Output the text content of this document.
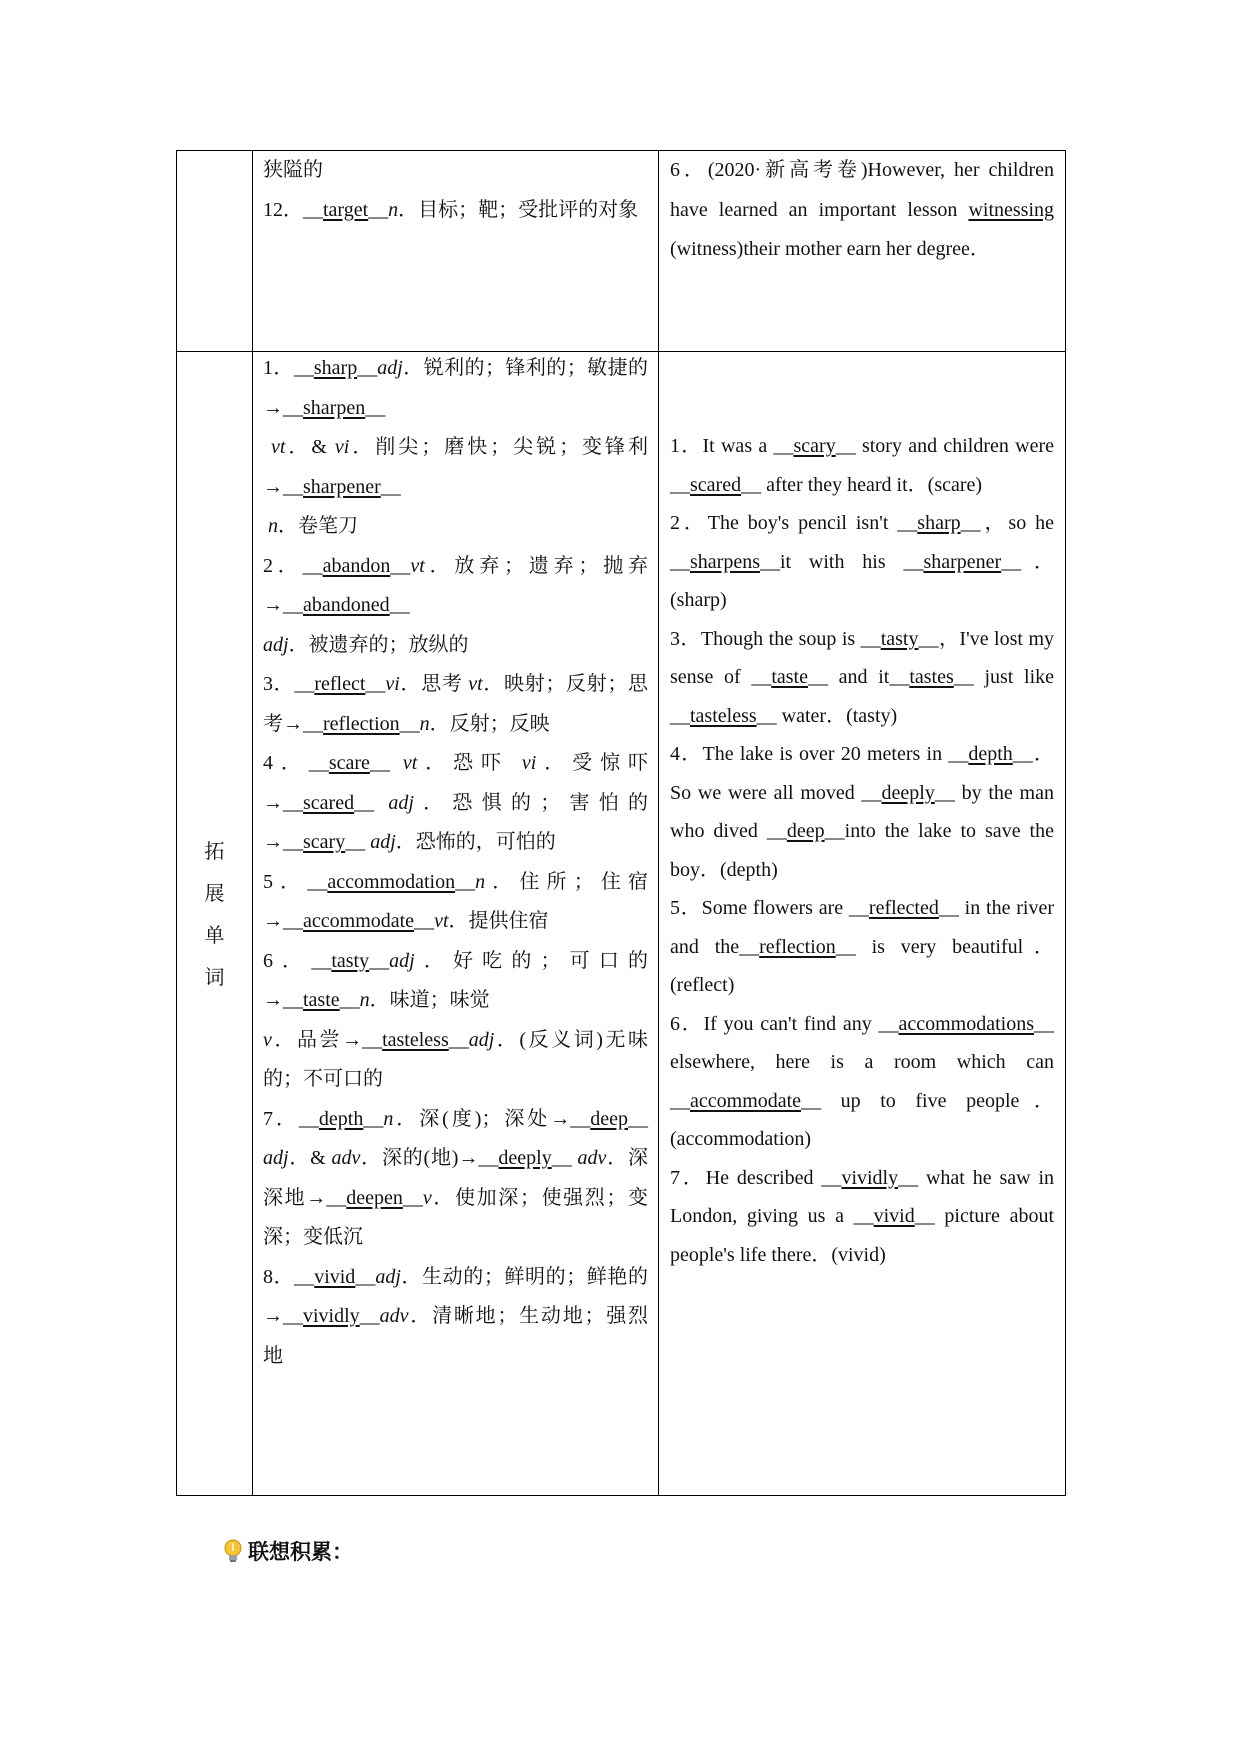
狭隘的

12．__target__n．目标；靶；受批评的对象

6．(2020·新高考卷)However, her children have learned an important lesson witnessing (witness)their mother earn her degree．

拓
展
单
词

1．__sharp__adj．锐利的；锋利的；敏捷的→__sharpen__

vt．& vi．削尖；磨快；尖锐；变锋利→__sharpener__

n．卷笔刀

2．__abandon__vt．放弃；遗弃；抛弃→__abandoned__

adj．被遗弃的；放纵的

3．__reflect__vi．思考 vt．映射；反射；思考→__reflection__n．反射；反映

4．__scare__ vt．恐吓 vi．受惊吓→__scared__ adj．恐惧的；害怕的→__scary__ adj．恐怖的，可怕的

5．__accommodation__n．住所；住宿→__accommodate__vt．提供住宿

6．__tasty__adj．好吃的；可口的→__taste__n．味道；味觉

v．品尝→__tasteless__adj．(反义词)无味的；不可口的

7．__depth__n．深(度)；深处→__deep__ adj．& adv．深的(地)→__deeply__ adv．深深地→__deepen__v．使加深；使强烈；变深；变低沉

8．__vivid__adj．生动的；鲜明的；鲜艳的→__vividly__adv．清晰地；生动地；强烈地

1．It was a __scary__ story and children were __scared__ after they heard it．(scare)

2．The boy's pencil isn't __sharp__，so he __sharpens__it with his __sharpener__．(sharp)

3．Though the soup is __tasty__，I've lost my sense of __taste__ and it__tastes__ just like __tasteless__ water．(tasty)

4．The lake is over 20 meters in __depth__．So we were all moved __deeply__ by the man who dived __deep__into the lake to save the boy．(depth)

5．Some flowers are __reflected__ in the river and the__reflection__ is very beautiful．(reflect)

6．If you can't find any __accommodations__ elsewhere, here is a room which can __accommodate__ up to five people．(accommodation)

7．He described __vividly__ what he saw in London, giving us a __vivid__ picture about people's life there．(vivid)

联想积累：
